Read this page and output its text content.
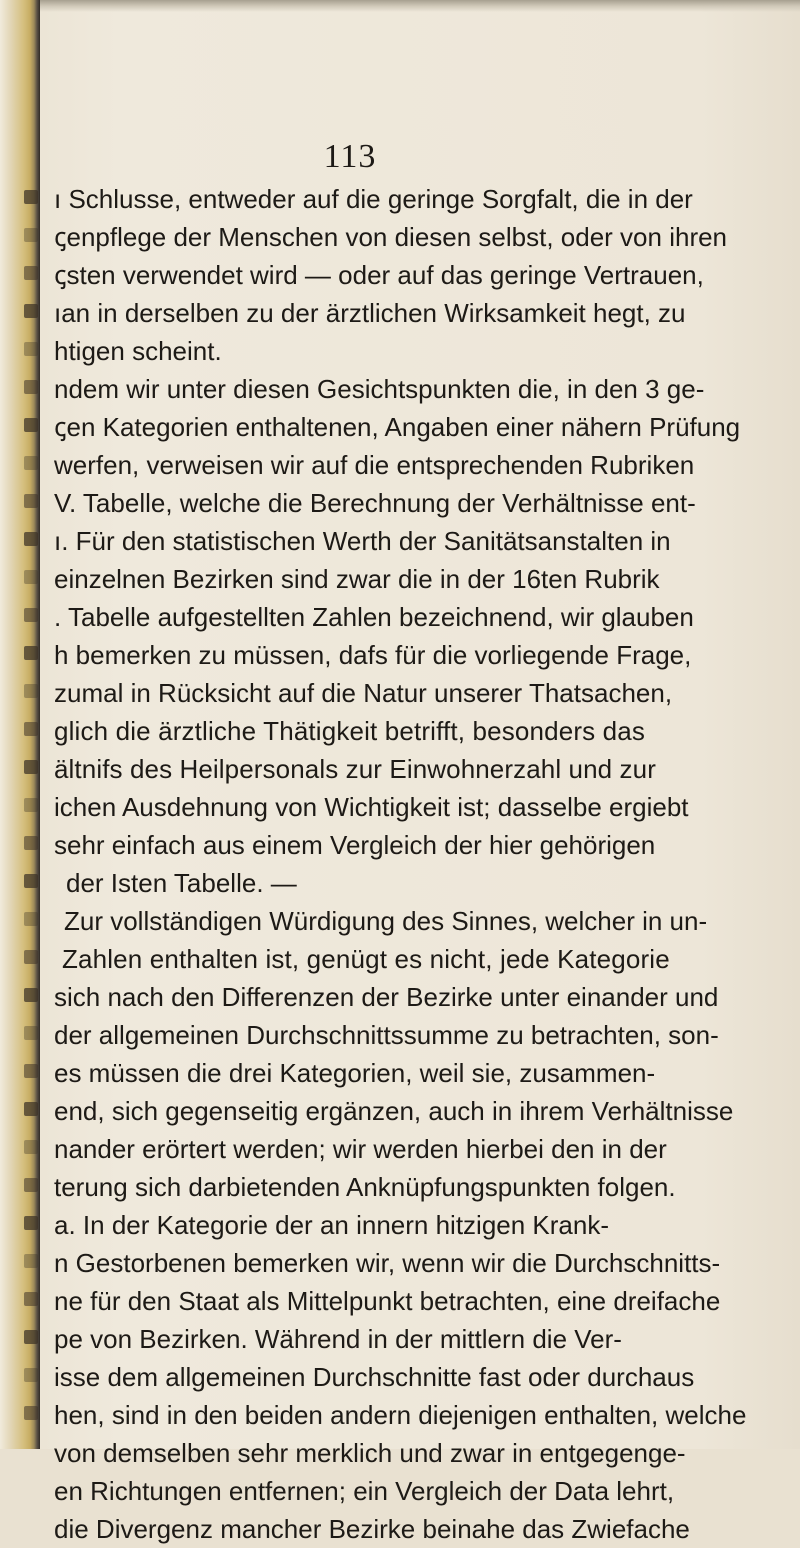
113
ı Schlusse, entweder auf die geringe Sorgfalt, die in der
ꞔenpflege der Menschen von diesen selbst, oder von ihren
ꞔsten verwendet wird — oder auf das geringe Vertrauen,
ıan in derselben zu der ärztlichen Wirksamkeit hegt, zu
htigen scheint.
ndem wir unter diesen Gesichtspunkten die, in den 3 ge-
ꞔen Kategorien enthaltenen, Angaben einer nähern Prüfung
werfen, verweisen wir auf die entsprechenden Rubriken
V. Tabelle, welche die Berechnung der Verhältnisse ent-
ı. Für den statistischen Werth der Sanitätsanstalten in
einzelnen Bezirken sind zwar die in der 16ten Rubrik
. Tabelle aufgestellten Zahlen bezeichnend, wir glauben
h bemerken zu müssen, dafs für die vorliegende Frage,
zumal in Rücksicht auf die Natur unserer Thatsachen,
glich die ärztliche Thätigkeit betrifft, besonders das
ältnifs des Heilpersonals zur Einwohnerzahl und zur
ichen Ausdehnung von Wichtigkeit ist; dasselbe ergiebt
sehr einfach aus einem Vergleich der hier gehörigen
der Isten Tabelle. —
Zur vollständigen Würdigung des Sinnes, welcher in un-
Zahlen enthalten ist, genügt es nicht, jede Kategorie
sich nach den Differenzen der Bezirke unter einander und
der allgemeinen Durchschnittssumme zu betrachten, son-
es müssen die drei Kategorien, weil sie, zusammen-
end, sich gegenseitig ergänzen, auch in ihrem Verhältnisse
nander erörtert werden; wir werden hierbei den in der
terung sich darbietenden Anknüpfungspunkten folgen.
a. In der Kategorie der an innern hitzigen Krank-
n Gestorbenen bemerken wir, wenn wir die Durchschnitts-
ne für den Staat als Mittelpunkt betrachten, eine dreifache
pe von Bezirken. Während in der mittlern die Ver-
isse dem allgemeinen Durchschnitte fast oder durchaus
hen, sind in den beiden andern diejenigen enthalten, welche
von demselben sehr merklich und zwar in entgegenge-
en Richtungen entfernen; ein Vergleich der Data lehrt,
die Divergenz mancher Bezirke beinahe das Zwiefache
